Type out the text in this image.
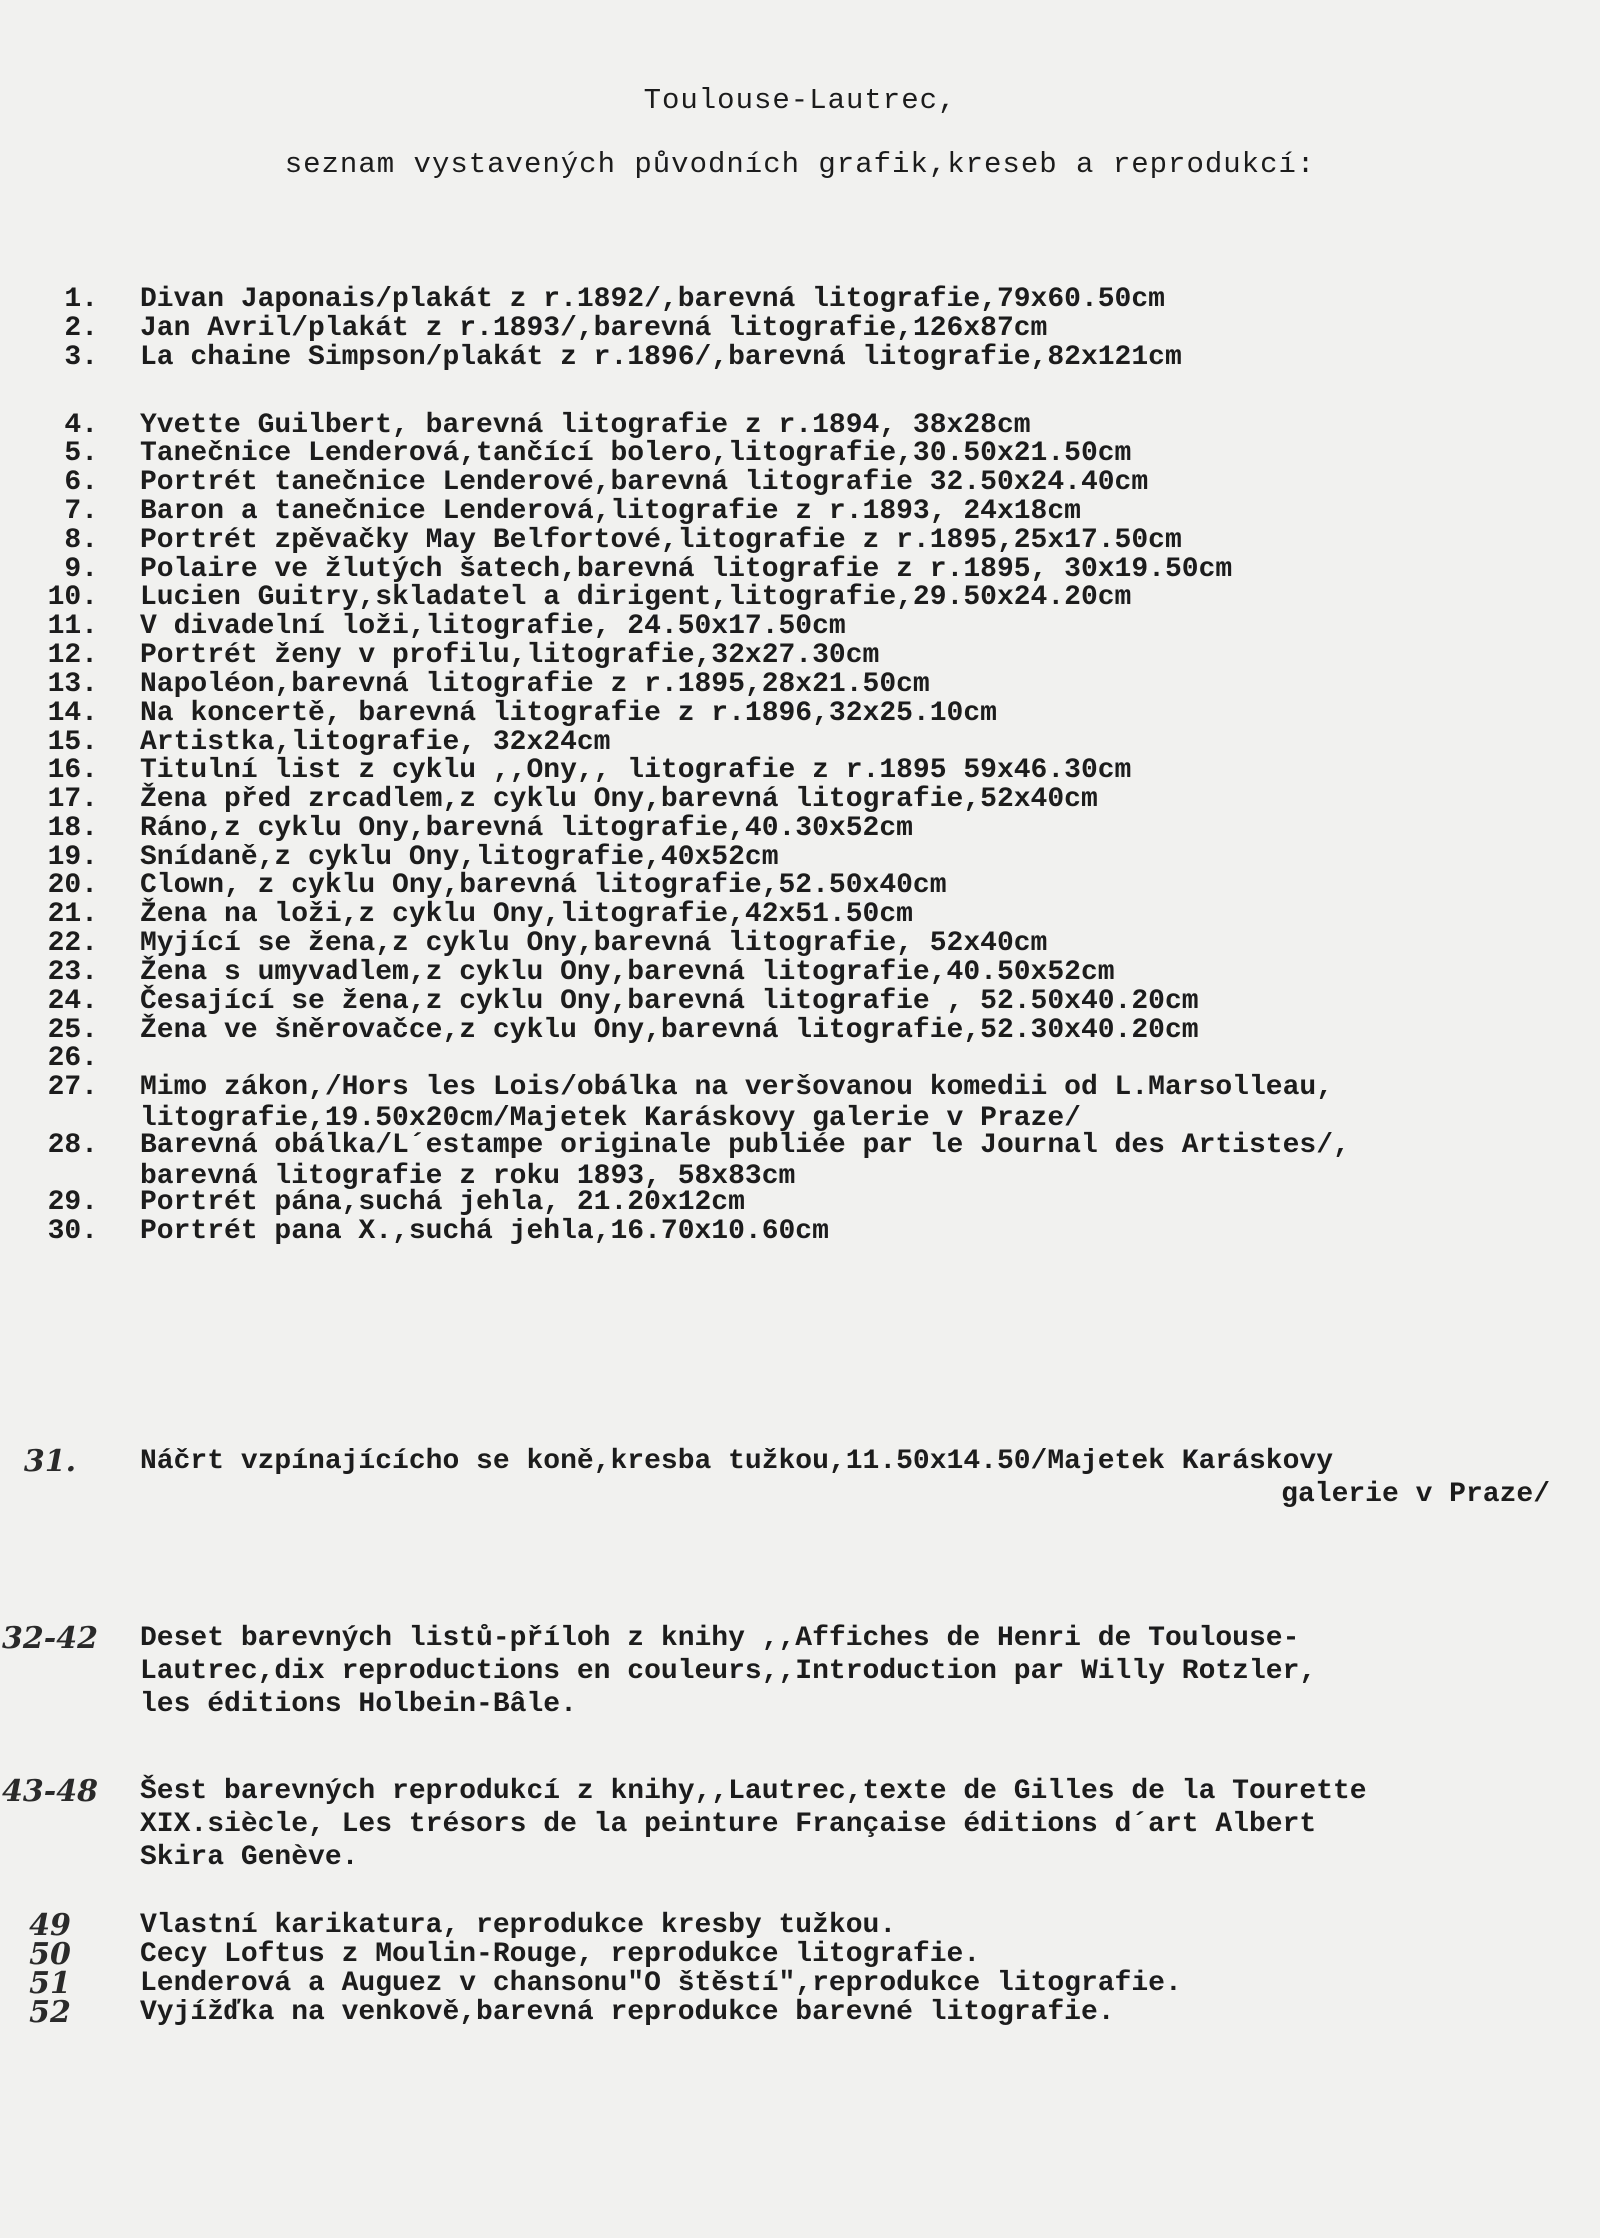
Toulouse-Lautrec,
seznam vystavených původních grafik,kreseb a reprodukcí:
1. Divan Japonais/plakát z r.1892/,barevná litografie,79x60.50cm
2. Jan Avril/plakát z r.1893/,barevná litografie,126x87cm
3. La chaine Simpson/plakát z r.1896/,barevná litografie,82x121cm
4. Yvette Guilbert, barevná litografie z r.1894, 38x28cm
5. Tanečnice Lenderová,tančící bolero,litografie,30.50x21.50cm
6. Portrét tanečnice Lenderové,barevná litografie 32.50x24.40cm
7. Baron a tanečnice Lenderová,litografie z r.1893, 24x18cm
8. Portrét zpěvačky May Belfortové,litografie z r.1895,25x17.50cm
9. Polaire ve žlutých šatech,barevná litografie z r.1895, 30x19.50cm
10. Lucien Guitry,skladatel a dirigent,litografie,29.50x24.20cm
11. V divadelní loži,litografie, 24.50x17.50cm
12. Portrét ženy v profilu,litografie,32x27.30cm
13. Napoléon,barevná litografie z r.1895,28x21.50cm
14. Na koncertě, barevná litografie z r.1896,32x25.10cm
15. Artistka,litografie, 32x24cm
16. Titulní list z cyklu ,,Ony,, litografie z r.1895 59x46.30cm
17. Žena před zrcadlem,z cyklu Ony,barevná litografie,52x40cm
18. Ráno,z cyklu Ony,barevná litografie,40.30x52cm
19. Snídaně,z cyklu Ony,litografie,40x52cm
20. Clown, z cyklu Ony,barevná litografie,52.50x40cm
21. Žena na loži,z cyklu Ony,litografie,42x51.50cm
22. Myjící se žena,z cyklu Ony,barevná litografie, 52x40cm
23. Žena s umyvadlem,z cyklu Ony,barevná litografie,40.50x52cm
24. Česající se žena,z cyklu Ony,barevná litografie , 52.50x40.20cm
25. Žena ve šněrovačce,z cyklu Ony,barevná litografie,52.30x40.20cm
26.
27. Mimo zákon,/Hors les Lois/obálka na veršovanou komedii od L.Marsolleau,
litografie,19.50x20cm/Majetek Karáskovy galerie v Praze/
28. Barevná obálka/L´estampe originale publiée par le Journal des Artistes/,
barevná litografie z roku 1893, 58x83cm
29. Portrét pána,suchá jehla, 21.20x12cm
30. Portrét pana X.,suchá jehla,16.70x10.60cm
31.	Náčrt vzpínajícícho se koně,kresba tužkou,11.50x14.50/Majetek Karáskovy
galerie v Praze/
32-42 Deset barevných listů-příloh z knihy ,,Affiches de Henri de Toulouse-
Lautrec,dix reproductions en couleurs,,Introduction par Willy Rotzler,
les éditions Holbein-Bâle.
43-48 Šest barevných reprodukcí z knihy,,Lautrec,texte de Gilles de la Tourette
XIX.siècle, Les trésors de la peinture Française éditions d´art Albert
Skira Genève.
49	Vlastní karikatura, reprodukce kresby tužkou.
50	Cecy Loftus z Moulin-Rouge, reprodukce litografie.
51	Lenderová a Auguez v chansonu"O štěstí",reprodukce litografie.
52	Vyjížďka na venkově,barevná reprodukce barevné litografie.
